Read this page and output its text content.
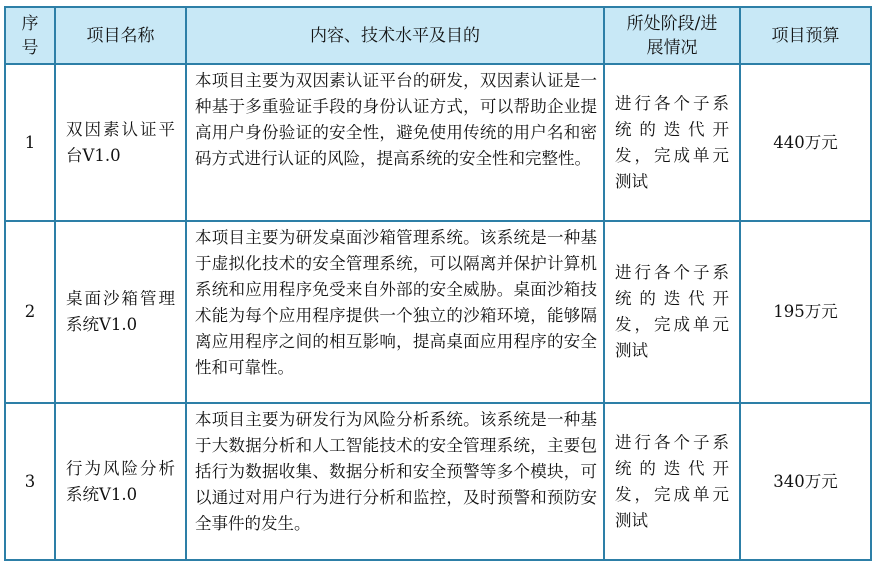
序号	项目名称	内容、技术水平及目的	所处阶段/进展情况	项目预算
1	双因素认证平台V1.0	本项目主要为双因素认证平台的研发，双因素认证是一种基于多重验证手段的身份认证方式，可以帮助企业提高用户身份验证的安全性，避免使用传统的用户名和密码方式进行认证的风险，提高系统的安全性和完整性。	进行各个子系统的迭代开发，完成单元测试	440万元
2	桌面沙箱管理系统V1.0	本项目主要为研发桌面沙箱管理系统。该系统是一种基于虚拟化技术的安全管理系统，可以隔离并保护计算机系统和应用程序免受来自外部的安全威胁。桌面沙箱技术能为每个应用程序提供一个独立的沙箱环境，能够隔离应用程序之间的相互影响，提高桌面应用程序的安全性和可靠性。	进行各个子系统的迭代开发，完成单元测试	195万元
3	行为风险分析系统V1.0	本项目主要为研发行为风险分析系统。该系统是一种基于大数据分析和人工智能技术的安全管理系统，主要包括行为数据收集、数据分析和安全预警等多个模块，可以通过对用户行为进行分析和监控，及时预警和预防安全事件的发生。	进行各个子系统的迭代开发，完成单元测试	340万元
